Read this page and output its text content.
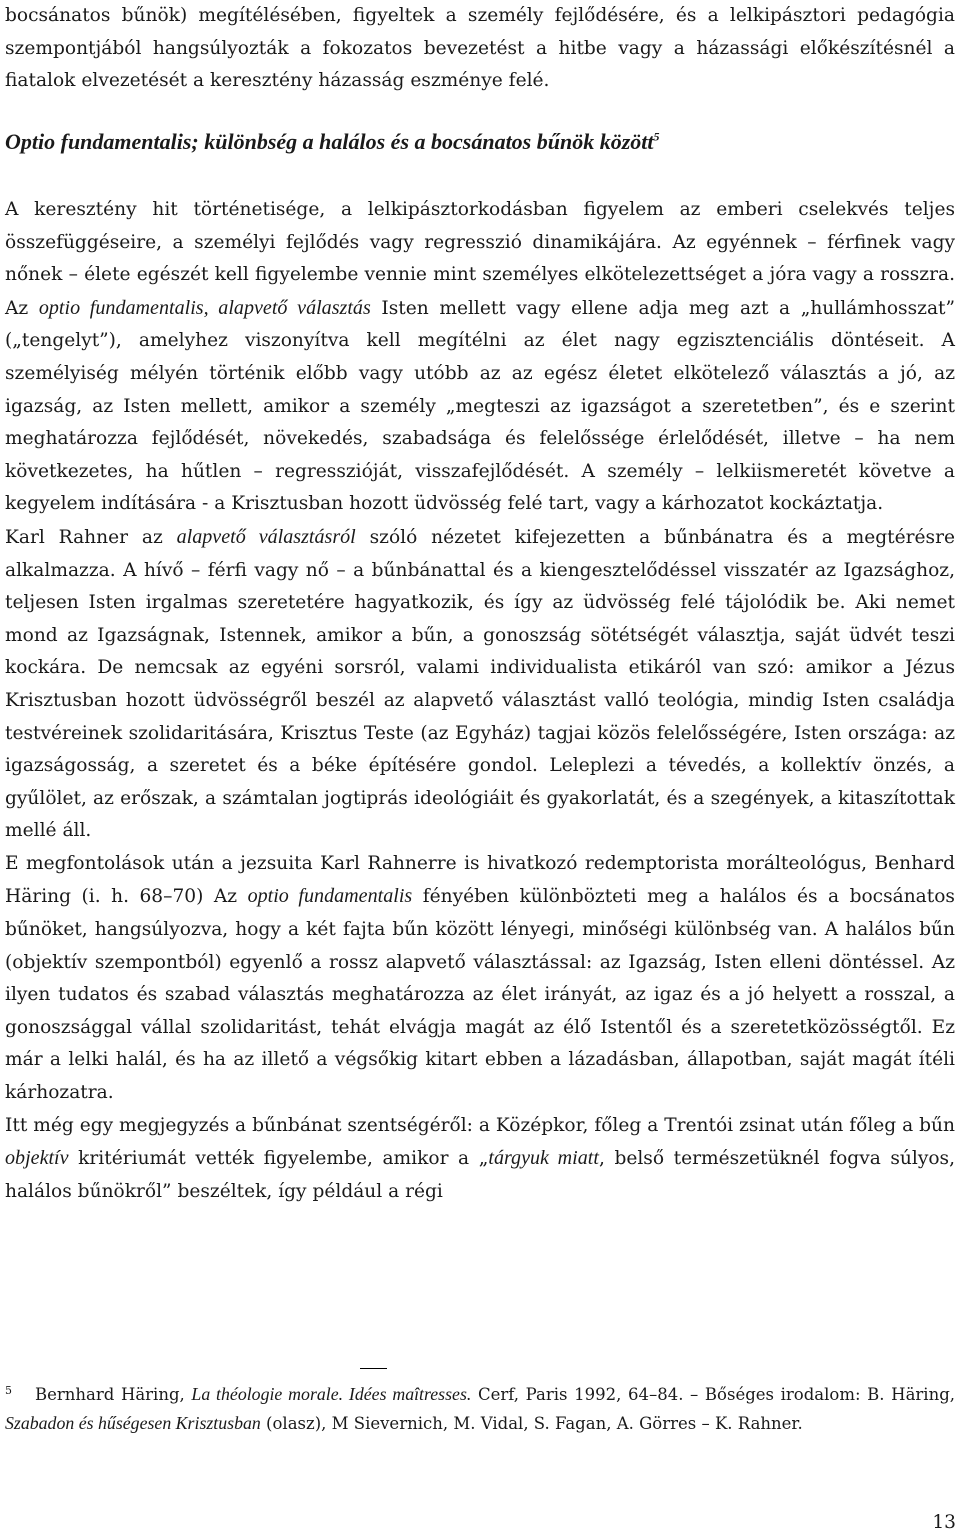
bocsánatos bűnök) megítélésében, figyeltek a személy fejlődésére, és a lelkipásztori pedagógia szempontjából hangsúlyozták a fokozatos bevezetést a hitbe vagy a házassági előkészítésnél a fiatalok elvezetését a keresztény házasság eszménye felé.

Optio fundamentalis; különbség a halálos és a bocsánatos bűnök között$^5$

A keresztény hit történetisége, a lelkipásztorkodásban figyelem az emberi cselekvés teljes összefüggéseire, a személyi fejlődés vagy regresszió dinamikájára. Az egyénnek – férfinek vagy nőnek – élete egészét kell figyelembe vennie mint személyes elkötelezettséget a jóra vagy a rosszra. Az optio fundamentalis, alapvető választás Isten mellett vagy ellene adja meg azt a „hullámhosszat” („tengelyt”), amelyhez viszonyítva kell megítélni az élet nagy egzisztenciális döntéseit. A személyiség mélyén történik előbb vagy utóbb az az egész életet elkötelező választás a jó, az igazság, az Isten mellett, amikor a személy „megteszi az igazságot a szeretetben”, és e szerint meghatározza fejlődését, növekedés, szabadsága és felelőssége érlelődését, illetve – ha nem következetes, ha hűtlen – regresszióját, visszafejlődését. A személy – lelkiismeretét követve a kegyelem indítására - a Krisztusban hozott üdvösség felé tart, vagy a kárhozatot kockáztatja.

Karl Rahner az alapvető választásról szóló nézetet kifejezetten a bűnbánatra és a megtérésre alkalmazza. A hívő – férfi vagy nő – a bűnbánattal és a kiengesztelődéssel visszatér az Igazsághoz, teljesen Isten irgalmas szeretetére hagyatkozik, és így az üdvösség felé tájolódik be. Aki nemet mond az Igazságnak, Istennek, amikor a bűn, a gonoszság sötétségét választja, saját üdvét teszi kockára. De nemcsak az egyéni sorsról, valami individualista etikáról van szó: amikor a Jézus Krisztusban hozott üdvösségről beszél az alapvető választást valló teológia, mindig Isten családja testvéreinek szolidaritására, Krisztus Teste (az Egyház) tagjai közös felelősségére, Isten országa: az igazságosság, a szeretet és a béke építésére gondol. Leleplezi a tévedés, a kollektív önzés, a gyűlölet, az erőszak, a számtalan jogtiprás ideológiáit és gyakorlatát, és a szegények, a kitaszítottak mellé áll.

E megfontolások után a jezsuita Karl Rahnerre is hivatkozó redemptorista morálteológus, Benhard Häring (i. h. 68–70) Az optio fundamentalis fényében különbözteti meg a halálos és a bocsánatos bűnöket, hangsúlyozva, hogy a két fajta bűn között lényegi, minőségi különbség van. A halálos bűn (objektív szempontból) egyenlő a rossz alapvető választással: az Igazság, Isten elleni döntéssel. Az ilyen tudatos és szabad választás meghatározza az élet irányát, az igaz és a jó helyett a rosszal, a gonoszsággal vállal szolidaritást, tehát elvágja magát az élő Istentől és a szeretetközösségtől. Ez már a lelki halál, és ha az illető a végsőkig kitart ebben a lázadásban, állapotban, saját magát ítéli kárhozatra.

Itt még egy megjegyzés a bűnbánat szentségéről: a Középkor, főleg a Trentói zsinat után főleg a bűn objektív kritériumát vették figyelembe, amikor a „tárgyuk miatt, belső természetüknél fogva súlyos, halálos bűnökről” beszéltek, így például a régi

5 Bernhard Häring, La théologie morale. Idées maîtresses. Cerf, Paris 1992, 64–84. – Bőséges irodalom: B. Häring, Szabadon és hűségesen Krisztusban (olasz), M Sievernich, M. Vidal, S. Fagan, A. Görres – K. Rahner.
13
